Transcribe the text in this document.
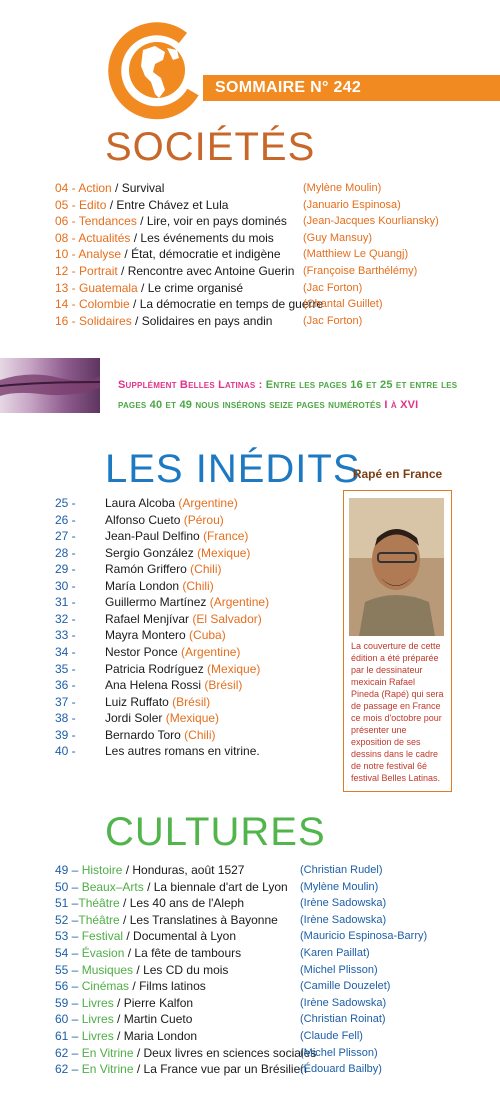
SOMMAIRE N° 242
SOCIÉTÉS
04 - Action / Survival	(Mylène Moulin)
05 - Edito / Entre Chávez et Lula	(Januario Espinosa)
06 - Tendances / Lire, voir en pays dominés (Jean-Jacques Kourliansky)
08 - Actualités / Les événements du mois	(Guy Mansuy)
10 - Analyse / État, démocratie et indigène (Matthiew Le Quangj)
12 - Portrait / Rencontre avec Antoine Guerin (Françoise Barthélémy)
13 - Guatemala / Le crime organisé	(Jac Forton)
14 - Colombie / La démocratie en temps de guerre
(Chantal Guillet)
16 - Solidaires / Solidaires en pays andin	(Jac Forton)
Supplément Belles Latinas : Entre les pages 16 et 25 et entre les pages 40 et 49 nous insérons seize pages numérotés I à XVI
LES INÉDITS
25 - Laura Alcoba (Argentine)
26 - Alfonso Cueto (Pérou)
27 - Jean-Paul Delfino (France)
28 - Sergio González (Mexique)
29 - Ramón Griffero (Chili)
30 - María London (Chili)
31 - Guillermo Martínez (Argentine)
32 - Rafael Menjívar (El Salvador)
33 - Mayra Montero (Cuba)
34 - Nestor Ponce (Argentine)
35 - Patricia Rodríguez (Mexique)
36 - Ana Helena Rossi (Brésil)
37 - Luiz Ruffato (Brésil)
38 - Jordi Soler (Mexique)
39 - Bernardo Toro (Chili)
40 - Les autres romans en vitrine.
Rapé en France
La couverture de cette édition a été préparée par le dessinateur mexicain Rafael Pineda (Rapé) qui sera de passage en France ce mois d'octobre pour présenter une exposition de ses dessins dans le cadre de notre festival 6é festival Belles Latinas.
CULTURES
49 – Histoire / Honduras, août 1527	(Christian Rudel)
50 – Beaux–Arts / La biennale d'art de Lyon (Mylène Moulin)
51 –Théâtre / Les 40 ans de l'Aleph	(Irène Sadowska)
52 –Théâtre / Les Translatines à Bayonne (Irène Sadowska)
53 – Festival / Documental à Lyon	(Mauricio Espinosa-Barry)
54 – Évasion / La fête de tambours	(Karen Paillat)
55 – Musiques / Les CD du mois	(Michel Plisson)
56 – Cinémas / Films latinos	(Camille Douzelet)
59 – Livres / Pierre Kalfon	(Irène Sadowska)
60 – Livres / Martin Cueto	(Christian Roinat)
61 – Livres / Maria London	(Claude Fell)
62 – En Vitrine / Deux livres en sciences sociales
(Michel Plisson)
62 – En Vitrine / La France vue par un Brésilien
(Édouard Bailby)
